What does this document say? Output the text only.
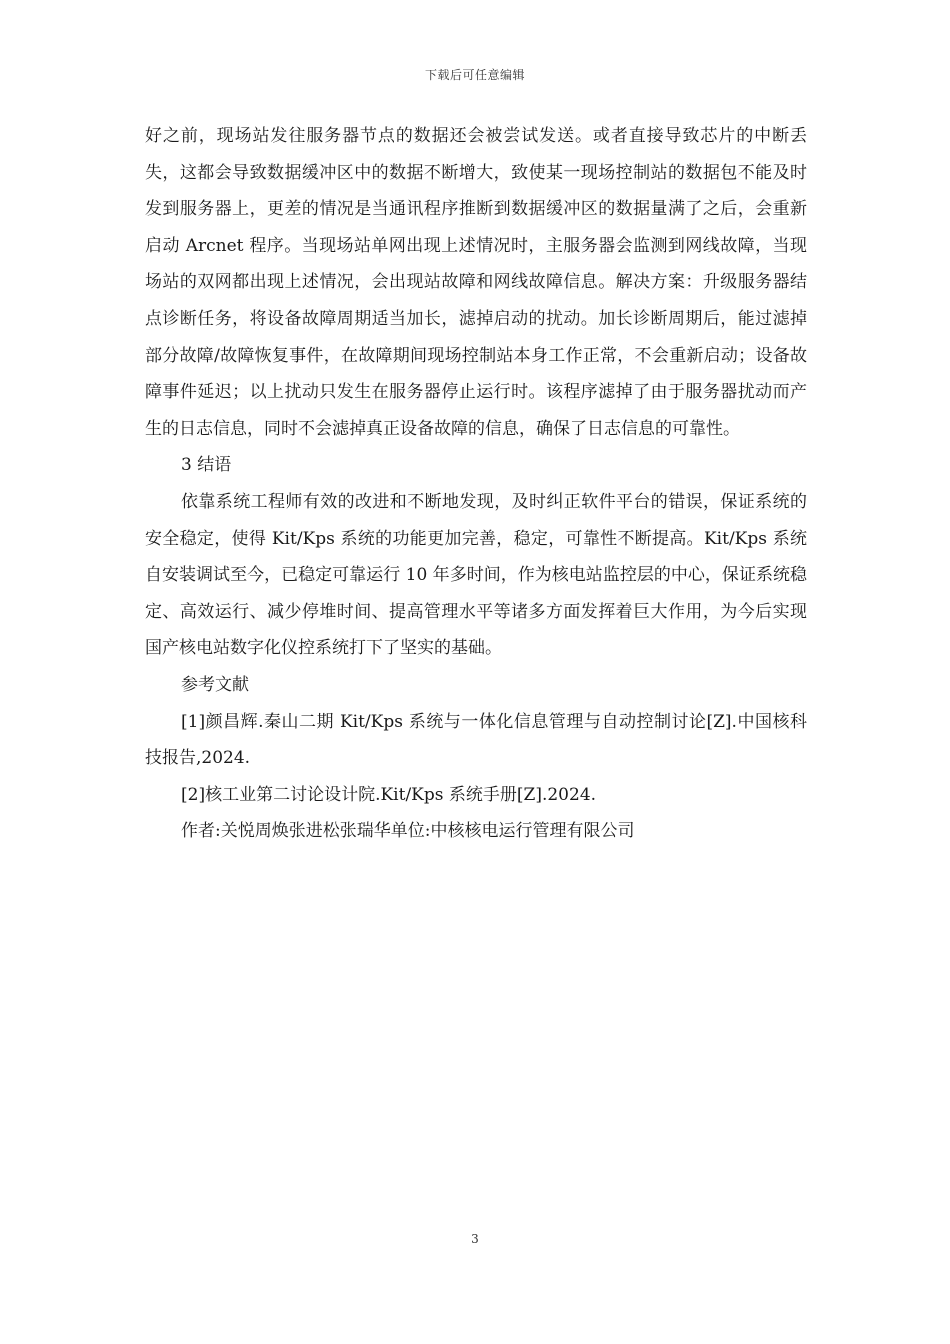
下载后可任意编辑

好之前，现场站发往服务器节点的数据还会被尝试发送。或者直接导致芯片的中断丢失，这都会导致数据缓冲区中的数据不断增大，致使某一现场控制站的数据包不能及时发到服务器上，更差的情况是当通讯程序推断到数据缓冲区的数据量满了之后，会重新启动 Arcnet 程序。当现场站单网出现上述情况时，主服务器会监测到网线故障，当现场站的双网都出现上述情况，会出现站故障和网线故障信息。解决方案：升级服务器结点诊断任务，将设备故障周期适当加长，滤掉启动的扰动。加长诊断周期后，能过滤掉部分故障/故障恢复事件，在故障期间现场控制站本身工作正常，不会重新启动；设备故障事件延迟；以上扰动只发生在服务器停止运行时。该程序滤掉了由于服务器扰动而产生的日志信息，同时不会滤掉真正设备故障的信息，确保了日志信息的可靠性。

3 结语

依靠系统工程师有效的改进和不断地发现，及时纠正软件平台的错误，保证系统的安全稳定，使得 Kit/Kps 系统的功能更加完善，稳定，可靠性不断提高。Kit/Kps 系统自安装调试至今，已稳定可靠运行 10 年多时间，作为核电站监控层的中心，保证系统稳定、高效运行、减少停堆时间、提高管理水平等诸多方面发挥着巨大作用，为今后实现国产核电站数字化仪控系统打下了坚实的基础。

参考文献

[1]颜昌辉.秦山二期 Kit/Kps 系统与一体化信息管理与自动控制讨论[Z].中国核科技报告,2024.

[2]核工业第二讨论设计院.Kit/Kps 系统手册[Z].2024.

作者:关悦周焕张进松张瑞华单位:中核核电运行管理有限公司

3
